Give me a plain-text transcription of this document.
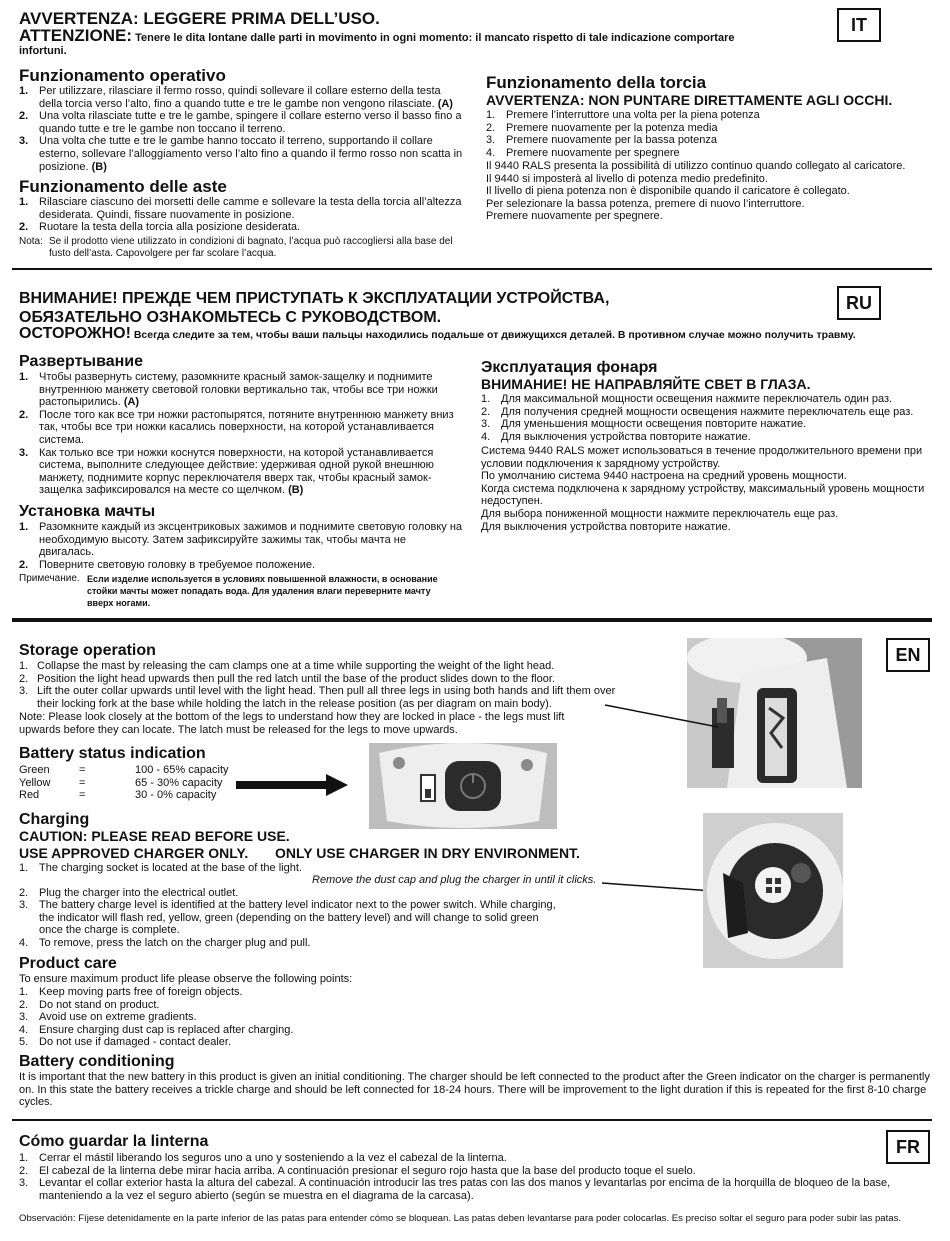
AVVERTENZA: LEGGERE PRIMA DELL’USO.	IT
ATTENZIONE: Tenere le dita lontane dalle parti in movimento in ogni momento: il mancato rispetto di tale indicazione comportare infortuni.
Funzionamento operativo
1. Per utilizzare, rilasciare il fermo rosso, quindi sollevare il collare esterno della testa della torcia verso l’alto, fino a quando tutte e tre le gambe non vengono rilasciate. (A)
2. Una volta rilasciate tutte e tre le gambe, spingere il collare esterno verso il basso fino a quando tutte e tre le gambe non toccano il terreno.
3. Una volta che tutte e tre le gambe hanno toccato il terreno, supportando il collare esterno, sollevare l’alloggiamento verso l’alto fino a quando il fermo rosso non scatta in posizione. (B)
Funzionamento delle aste
1. Rilasciare ciascuno dei morsetti delle camme e sollevare la testa della torcia all’altezza desiderata. Quindi, fissare nuovamente in posizione.
2. Ruotare la testa della torcia alla posizione desiderata.
Nota: Se il prodotto viene utilizzato in condizioni di bagnato, l’acqua può raccogliersi alla base del fusto dell’asta. Capovolgere per far scolare l’acqua.
Funzionamento della torcia
AVVERTENZA: NON PUNTARE DIRETTAMENTE AGLI OCCHI.
1. Premere l’interruttore una volta per la piena potenza
2. Premere nuovamente per la potenza media
3. Premere nuovamente per la bassa potenza
4. Premere nuovamente per spegnere
Il 9440 RALS presenta la possibilità di utilizzo continuo quando collegato al caricatore.
Il 9440 si imposterà al livello di potenza medio predefinito.
Il livello di piena potenza non è disponibile quando il caricatore è collegato.
Per selezionare la bassa potenza, premere di nuovo l’interruttore.
Premere nuovamente per spegnere.
ВНИМАНИЕ! ПРЕЖДЕ ЧЕМ ПРИСТУПАТЬ К ЭКСПЛУАТАЦИИ УСТРОЙСТВА,
ОБЯЗАТЕЛЬНО ОЗНАКОМЬТЕСЬ С РУКОВОДСТВОМ.
RU
ОСТОРОЖНО! Всегда следите за тем, чтобы ваши пальцы находились подальше от движущихся деталей. В противном случае можно получить травму.
Развертывание
1. Чтобы развернуть систему, разомкните красный замок-защелку и поднимите внутреннюю манжету световой головки вертикально так, чтобы все три ножки растопырились. (A)
2. После того как все три ножки растопырятся, потяните внутреннюю манжету вниз так, чтобы все три ножки касались поверхности, на которой устанавливается система.
3. Как только все три ножки коснутся поверхности, на которой устанавливается система, выполните следующее действие: удерживая одной рукой внешнюю манжету, поднимите корпус переключателя вверх так, чтобы красный замок-защелка зафиксировался на месте со щелчком. (B)
Установка мачты
1. Разомкните каждый из эксцентриковых зажимов и поднимите световую головку на необходимую высоту. Затем зафиксируйте зажимы так, чтобы мачта не двигалась.
2. Поверните световую головку в требуемое положение.
Примечание. Если изделие используется в условиях повышенной влажности, в основание стойки мачты может попадать вода. Для удаления влаги переверните мачту вверх ногами.
Эксплуатация фонаря
ВНИМАНИЕ! НЕ НАПРАВЛЯЙТЕ СВЕТ В ГЛАЗА.
1. Для максимальной мощности освещения нажмите переключатель один раз.
2. Для получения средней мощности освещения нажмите переключатель еще раз.
3. Для уменьшения мощности освещения повторите нажатие.
4. Для выключения устройства повторите нажатие.
Система 9440 RALS может использоваться в течение продолжительного времени при условии подключения к зарядному устройству.
По умолчанию система 9440 настроена на средний уровень мощности.
Когда система подключена к зарядному устройству, максимальный уровень мощности недоступен.
Для выбора пониженной мощности нажмите переключатель еще раз.
Для выключения устройства повторите нажатие.
Storage operation
1. Collapse the mast by releasing the cam clamps one at a time while supporting the weight of the light head.
2. Position the light head upwards then pull the red latch until the base of the product slides down to the floor.
3. Lift the outer collar upwards until level with the light head. Then pull all three legs in using both hands and lift them over their locking fork at the base while holding the latch in the release position (as per diagram on main body).
Note: Please look closely at the bottom of the legs to understand how they are locked in place - the legs must lift upwards before they can locate. The latch must be released for the legs to move upwards.
EN
Battery status indication
Green	=	100 - 65% capacity
Yellow	=	65 - 30% capacity
Red	=	30 - 0% capacity
Charging
CAUTION: PLEASE READ BEFORE USE.
USE APPROVED CHARGER ONLY. ONLY USE CHARGER IN DRY ENVIRONMENT.
1. The charging socket is located at the base of the light.
2. Plug the charger into the electrical outlet.
3. The battery charge level is identified at the battery level indicator next to the power switch. While charging, the indicator will flash red, yellow, green (depending on the battery level) and will change to solid green once the charge is complete.
4. To remove, press the latch on the charger plug and pull.
Remove the dust cap and plug the charger in until it clicks.
Product care
To ensure maximum product life please observe the following points:
1. Keep moving parts free of foreign objects.
2. Do not stand on product.
3. Avoid use on extreme gradients.
4. Ensure charging dust cap is replaced after charging.
5. Do not use if damaged - contact dealer.
Battery conditioning
It is important that the new battery in this product is given an initial conditioning. The charger should be left connected to the product after the Green indicator on the charger is permanently on. In this state the battery receives a trickle charge and should be left connected for 18-24 hours. There will be improvement to the light duration if this is repeated for the first 8-10 charge cycles.
Cómo guardar la linterna	FR
1. Cerrar el mástil liberando los seguros uno a uno y sosteniendo a la vez el cabezal de la linterna.
2. El cabezal de la linterna debe mirar hacia arriba. A continuación presionar el seguro rojo hasta que la base del producto toque el suelo.
3. Levantar el collar exterior hasta la altura del cabezal. A continuación introducir las tres patas con las dos manos y levantarlas por encima de la horquilla de bloqueo de la base, manteniendo a la vez el seguro abierto (según se muestra en el diagrama de la carcasa).
Observación: Fíjese detenidamente en la parte inferior de las patas para entender cómo se bloquean. Las patas deben levantarse para poder colocarlas. Es preciso soltar el seguro para poder subir las patas.
